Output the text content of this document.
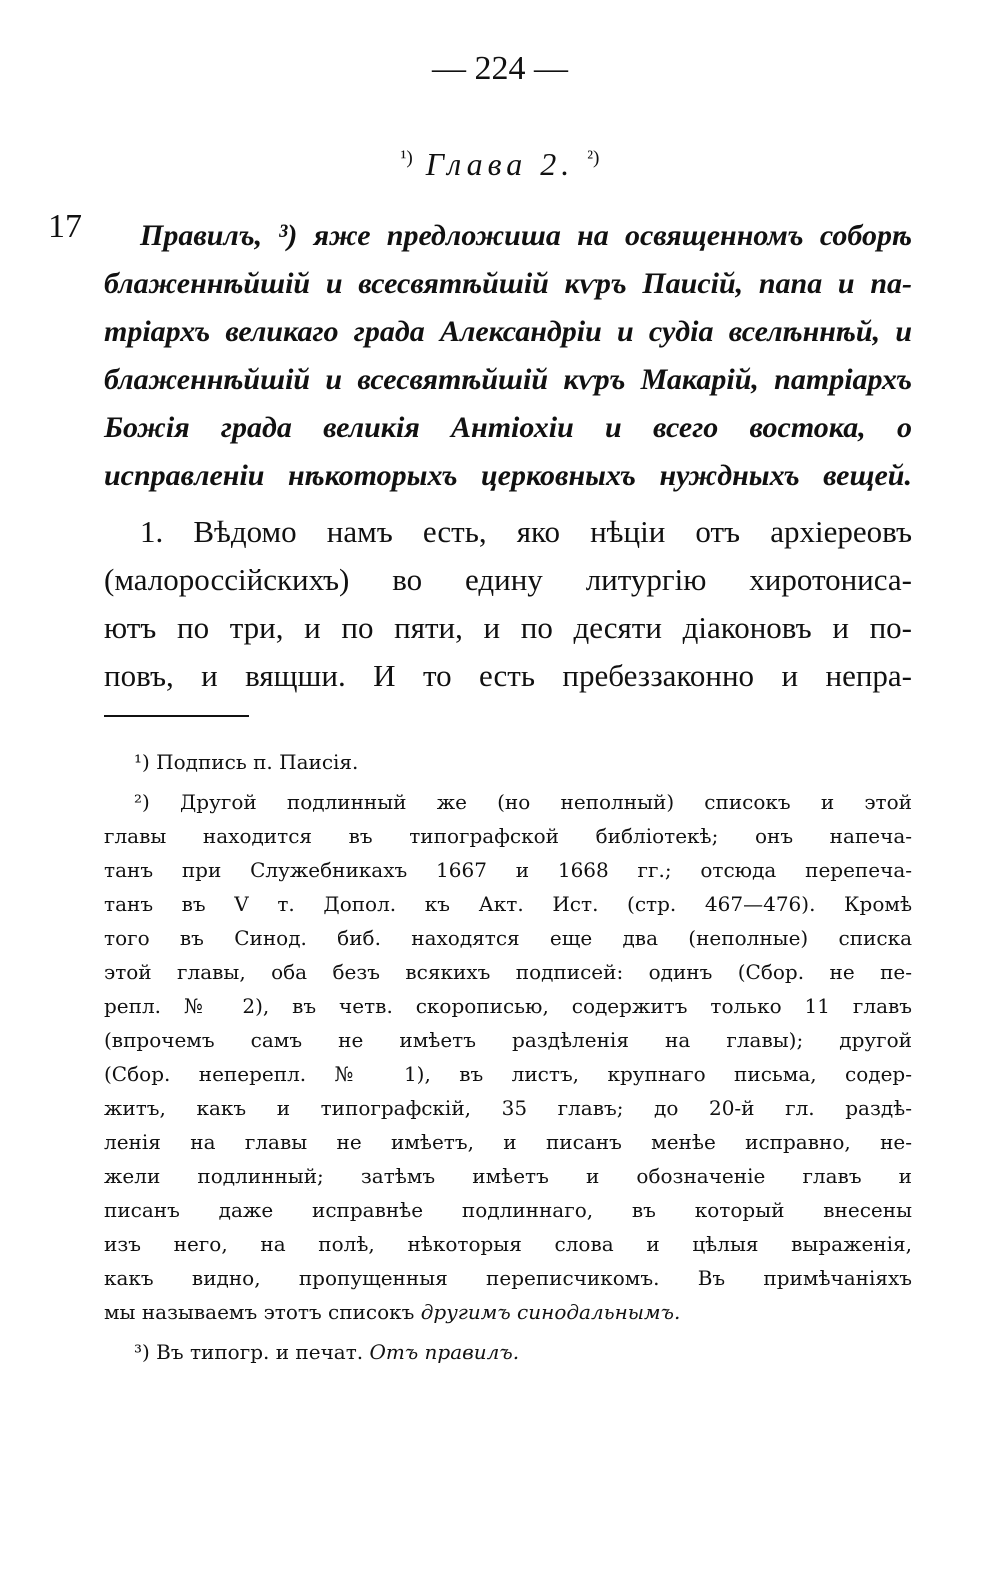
— 224 —
$^{^1)}$ Глава 2. $^{^2)}$
17	Правилъ, ³) яже предложиша на освященномъ соборѣ
блаженнѣйшій и всесвятѣйшій кѵръ Паисій, папа и па-
тріархъ великаго града Александріи и судіа вселѣннѣй, и
блаженнѣйшій и всесвятѣйшій кѵръ Макарій, патріархъ
Божія града великія Антіохіи и всего востока, о
исправленіи нѣкоторыхъ церковныхъ нуждныхъ вещей.
1. Вѣдомо намъ есть, яко нѣціи отъ архіереовъ
(малороссійскихъ) во едину литургію хиротониса-
ютъ по три, и по пяти, и по десяти діаконовъ и по-
повъ, и вящши. И то есть пребеззаконно и непра-
¹) Подпись п. Паисія.
²) Другой подлинный же (но неполный) списокъ и этой
главы находится въ типографской библіотекѣ; онъ напеча-
танъ при Служебникахъ 1667 и 1668 гг.; отсюда перепеча-
танъ въ V т. Допол. къ Акт. Ист. (стр. 467—476). Кромѣ
того въ Синод. биб. находятся еще два (неполные) списка
этой главы, оба безъ всякихъ подписей: одинъ (Сбор. не пе-
репл. № 2), въ четв. скорописью, содержитъ только 11 главъ
(впрочемъ самъ не имѣетъ раздѣленія на главы); другой
(Сбор. неперепл. № 1), въ листъ, крупнаго письма, содер-
житъ, какъ и типографскій, 35 главъ; до 20-й гл. раздѣ-
ленія на главы не имѣетъ, и писанъ менѣе исправно, не-
жели подлинный; затѣмъ имѣетъ и обозначеніе главъ и
писанъ даже исправнѣе подлиннаго, въ который внесены
изъ него, на полѣ, нѣкоторыя слова и цѣлыя выраженія,
какъ видно, пропущенныя переписчикомъ. Въ примѣчаніяхъ
мы называемъ этотъ списокъ другимъ синодальнымъ.
³) Въ типогр. и печат. Отъ правилъ.
